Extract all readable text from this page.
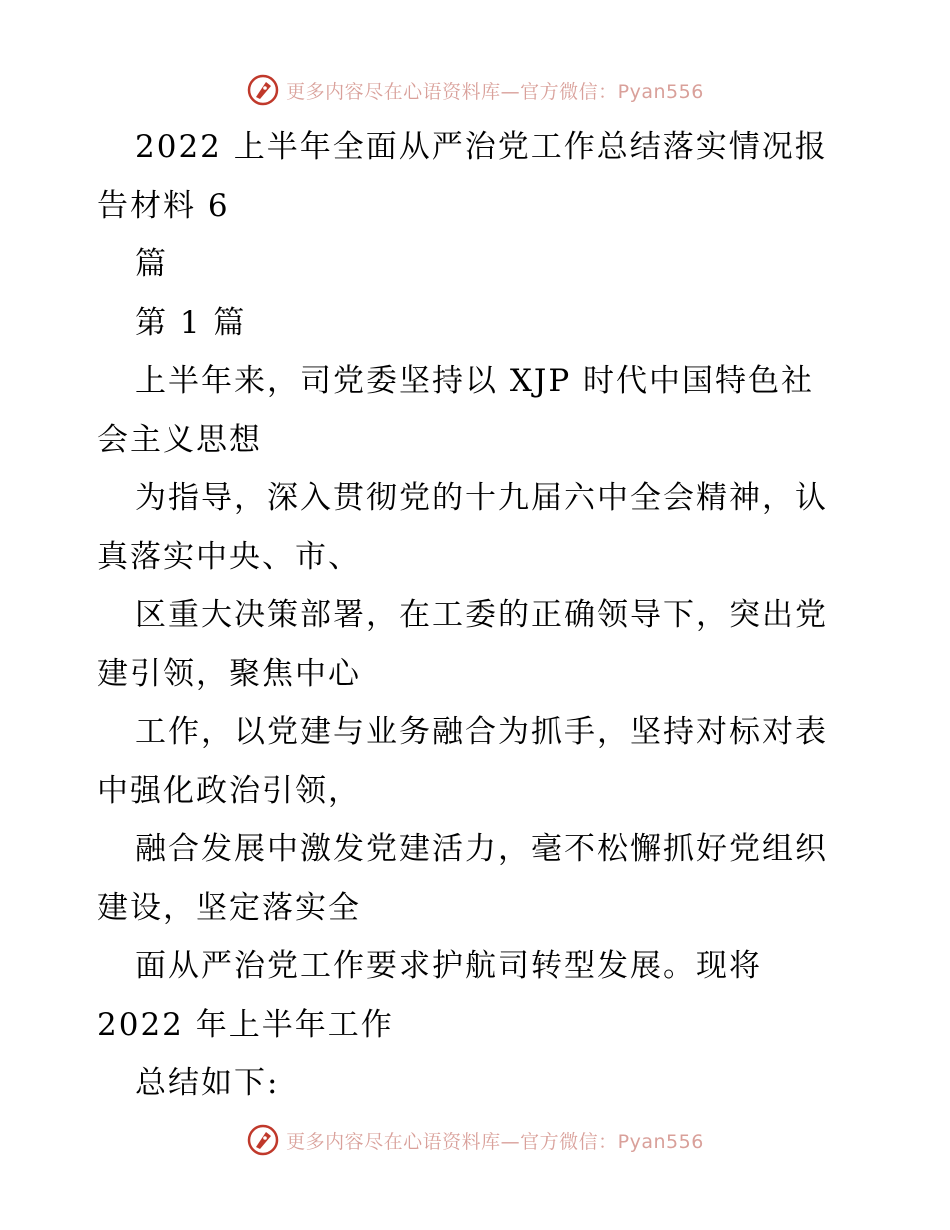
更多内容尽在心语资料库—官方微信：Pyan556
2022 上半年全面从严治党工作总结落实情况报
告材料 6
篇
第 1 篇
上半年来，司党委坚持以 XJP 时代中国特色社
会主义思想
为指导，深入贯彻党的十九届六中全会精神，认
真落实中央、市、
区重大决策部署，在工委的正确领导下，突出党
建引领，聚焦中心
工作，以党建与业务融合为抓手，坚持对标对表
中强化政治引领，
融合发展中激发党建活力，毫不松懈抓好党组织
建设，坚定落实全
面从严治党工作要求护航司转型发展。现将
2022 年上半年工作
总结如下:
更多内容尽在心语资料库—官方微信：Pyan556
